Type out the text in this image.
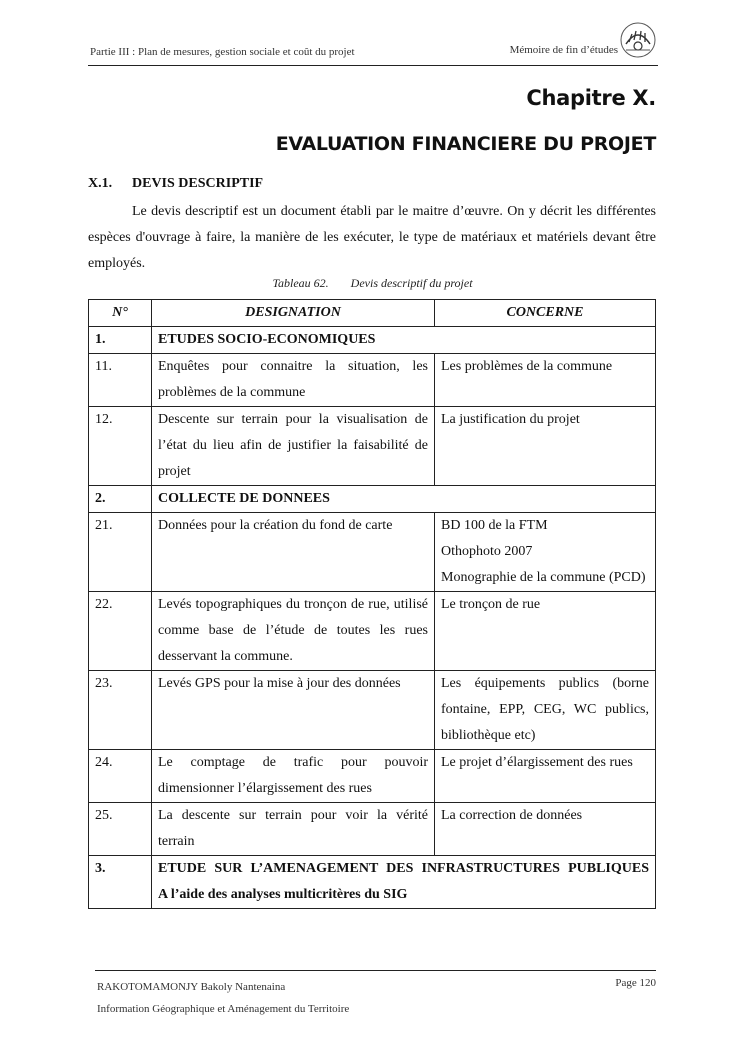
Partie III : Plan de mesures, gestion sociale et coût du projet	Mémoire de fin d’études
Chapitre X.
EVALUATION FINANCIERE DU PROJET
X.1. DEVIS DESCRIPTIF

Le devis descriptif est un document établi par le maitre d’œuvre. On y décrit les différentes espèces d'ouvrage à faire, la manière de les exécuter, le type de matériaux et matériels devant être employés.

Tableau 62. Devis descriptif du projet
N°	DESIGNATION	CONCERNE
1.	ETUDES SOCIO-ECONOMIQUES	
11.	Enquêtes pour connaitre la situation, les problèmes de la commune	Les problèmes de la commune
12.	Descente sur terrain pour la visualisation de l’état du lieu afin de justifier la faisabilité de projet	La justification du projet
2.	COLLECTE DE DONNEES	
21.	Données pour la création du fond de carte	BD 100 de la FTM
Othophoto 2007
Monographie de la commune (PCD)

22.	Levés topographiques du tronçon de rue, utilisé comme base de l’étude de toutes les rues desservant la commune.	Le tronçon de rue
23.	Levés GPS pour la mise à jour des données	Les équipements publics (borne fontaine, EPP, CEG, WC publics, bibliothèque etc)
24.	Le comptage de trafic pour pouvoir dimensionner l’élargissement des rues	Le projet d’élargissement des rues
25.	La descente sur terrain pour voir la vérité terrain	La correction de données
3.	ETUDE SUR L’AMENAGEMENT DES INFRASTRUCTURES PUBLIQUES
A l’aide des analyses multicritères du SIG	
RAKOTOMAMONJY Bakoly Nantenaina
Information Géographique et Aménagement du Territoire
Page 120
